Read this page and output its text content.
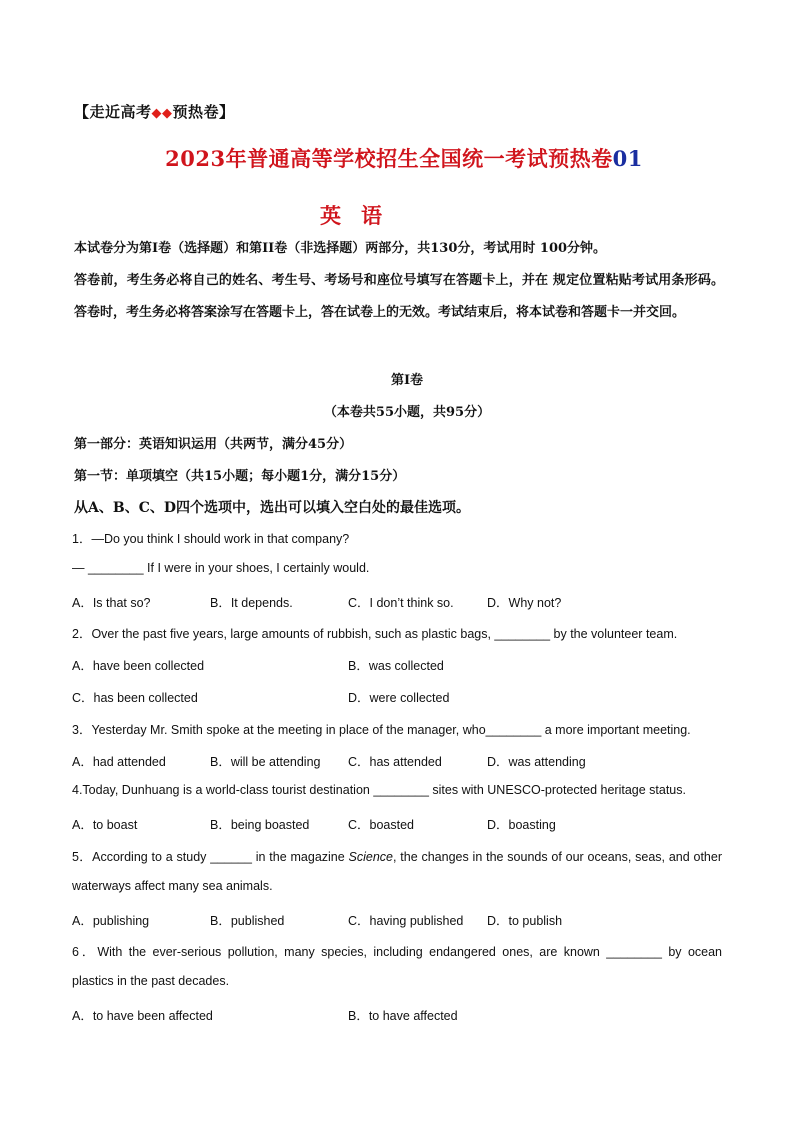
【走近高考◆◆预热卷】
2023年普通高等学校招生全国统一考试预热卷01
英语
本试卷分为第I卷（选择题）和第II卷（非选择题）两部分，共130分，考试用时 100分钟。
答卷前，考生务必将自己的姓名、考生号、考场号和座位号填写在答题卡上，并在 规定位置粘贴考试用条形码。答卷时，考生务必将答案涂写在答题卡上，答在试卷上的无效。考试结束后，将本试卷和答题卡一并交回。
第I卷
（本卷共55小题，共95分）
第一部分：英语知识运用（共两节，满分45分）
第一节：单项填空（共15小题；每小题1分，满分15分）
从A、B、C、D四个选项中，选出可以填入空白处的最佳选项。
1．—Do you think I should work in that company?
— ________ If I were in your shoes, I certainly would.
A．Is that so?	B．It depends.	C．I don’t think so.	D．Why not?
2．Over the past five years, large amounts of rubbish, such as plastic bags, ________ by the volunteer team.
A．have been collected	B．was collected
C．has been collected	D．were collected
3．Yesterday Mr. Smith spoke at the meeting in place of the manager, who________ a more important meeting.
A．had attended	B．will be attending C．has attended	D．was attending
4.Today, Dunhuang is a world-class tourist destination ________ sites with UNESCO-protected heritage status.
A．to boast	B．being boasted	C．boasted	D．boasting
5．According to a study ______ in the magazine Science, the changes in the sounds of our oceans, seas, and other
waterways affect many sea animals.
A．publishing	B．published	C．having published D．to publish
6．With the ever-serious pollution, many species, including endangered ones, are known ________ by ocean
plastics in the past decades.
A．to have been affected	B．to have affected
